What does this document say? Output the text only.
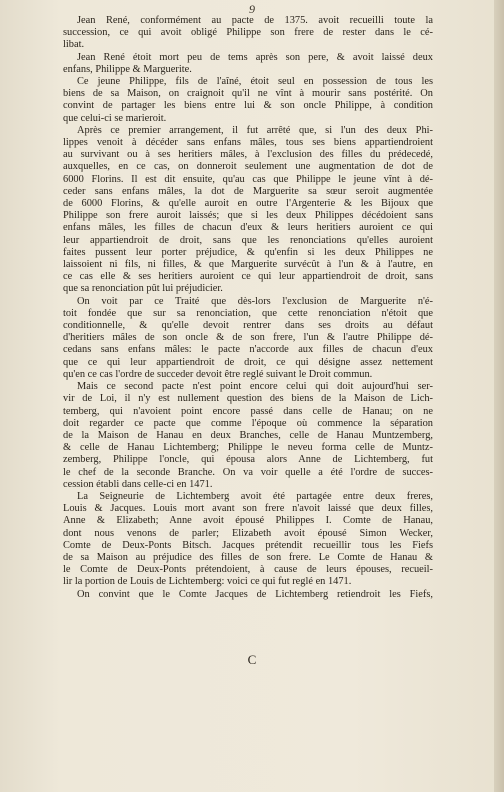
9

Jean René, conformément au pacte de 1375. avoit recueilli toute la

succession, ce qui avoit obligé Philippe son frere de rester dans le cé-

libat.

Jean René étoit mort peu de tems après son pere, & avoit laissé deux

enfans, Philippe & Marguerite.

Ce jeune Philippe, fils de l'aîné, étoit seul en possession de tous les

biens de sa Maison, on craignoit qu'il ne vînt à mourir sans postérité. On

convint de partager les biens entre lui & son oncle Philippe, à condition

que celui-ci se marieroit.

Après ce premier arrangement, il fut arrêté que, si l'un des deux Phi-

lippes venoit à décéder sans enfans mâles, tous ses biens appartiendroient

au survivant ou à ses heritiers mâles, à l'exclusion des filles du prédecedé,

auxquelles, en ce cas, on donneroit seulement une augmentation de dot de

6000 Florins. Il est dit ensuite, qu'au cas que Philippe le jeune vînt à dé-

ceder sans enfans mâles, la dot de Marguerite sa sœur seroit augmentée

de 6000 Florins, & qu'elle auroit en outre l'Argenterie & les Bijoux que

Philippe son frere auroit laissés; que si les deux Philippes décédoient sans

enfans mâles, les filles de chacun d'eux & leurs heritiers auroient ce qui

leur appartiendroit de droit, sans que les renonciations qu'elles auroient

faites pussent leur porter préjudice, & qu'enfin si les deux Philippes ne

laissoient ni fils, ni filles, & que Marguerite survécût à l'un & à l'autre, en

ce cas elle & ses heritiers auroient ce qui leur appartiendroit de droit, sans

que sa renonciation pût lui préjudicier.

On voit par ce Traité que dès-lors l'exclusion de Marguerite n'é-

toit fondée que sur sa renonciation, que cette renonciation n'étoit que

conditionnelle, & qu'elle devoit rentrer dans ses droits au défaut

d'heritiers mâles de son oncle & de son frere, l'un & l'autre Philippe dé-

cedans sans enfans mâles: le pacte n'accorde aux filles de chacun d'eux

que ce qui leur appartiendroit de droit, ce qui désigne assez nettement

qu'en ce cas l'ordre de succeder devoit être reglé suivant le Droit commun.

Mais ce second pacte n'est point encore celui qui doit aujourd'hui ser-

vir de Loi, il n'y est nullement question des biens de la Maison de Lich-

temberg, qui n'avoient point encore passé dans celle de Hanau; on ne

doit regarder ce pacte que comme l'époque où commence la séparation

de la Maison de Hanau en deux Branches, celle de Hanau Muntzemberg,

& celle de Hanau Lichtemberg; Philippe le neveu forma celle de Muntz-

zemberg, Philippe l'oncle, qui épousa alors Anne de Lichtemberg, fut

le chef de la seconde Branche. On va voir quelle a été l'ordre de succes-

cession établi dans celle-ci en 1471.

La Seigneurie de Lichtemberg avoit été partagée entre deux freres,

Louis & Jacques. Louis mort avant son frere n'avoit laissé que deux filles,

Anne & Elizabeth; Anne avoit épousé Philippes I. Comte de Hanau,

dont nous venons de parler; Elizabeth avoit épousé Simon Wecker,

Comte de Deux-Ponts Bitsch. Jacques prétendit recueillir tous les Fiefs

de sa Maison au préjudice des filles de son frere. Le Comte de Hanau &

le Comte de Deux-Ponts prétendoient, à cause de leurs épouses, recueil-

lir la portion de Louis de Lichtemberg: voici ce qui fut reglé en 1471.

On convint que le Comte Jacques de Lichtemberg retiendroit les Fiefs,

C
